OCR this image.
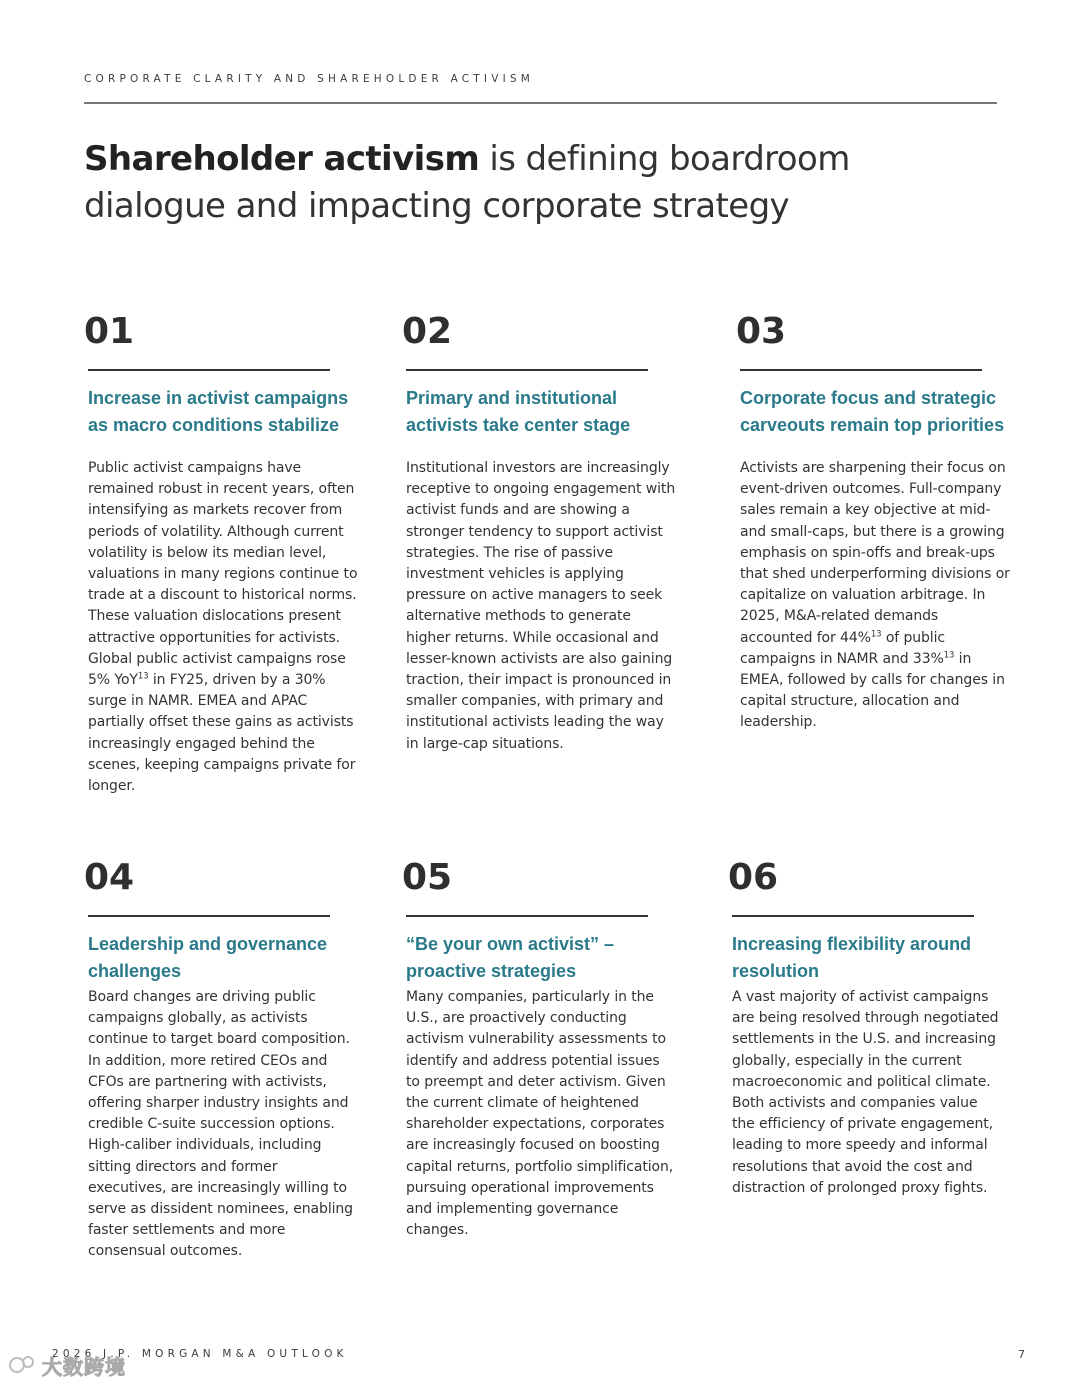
CORPORATE CLARITY AND SHAREHOLDER ACTIVISM
Shareholder activism is defining boardroom
dialogue and impacting corporate strategy
01
Increase in activist campaigns as macro conditions stabilize
Public activist campaigns have remained robust in recent years, often intensifying as markets recover from periods of volatility. Although current volatility is below its median level, valuations in many regions continue to trade at a discount to historical norms. These valuation dislocations present attractive opportunities for activists. Global public activist campaigns rose 5% YoY$^{13}$ in FY25, driven by a 30% surge in NAMR. EMEA and APAC partially offset these gains as activists increasingly engaged behind the scenes, keeping campaigns private for longer.
02
Primary and institutional activists take center stage
Institutional investors are increasingly receptive to ongoing engagement with activist funds and are showing a stronger tendency to support activist strategies. The rise of passive investment vehicles is applying pressure on active managers to seek alternative methods to generate higher returns. While occasional and lesser-known activists are also gaining traction, their impact is pronounced in smaller companies, with primary and institutional activists leading the way in large-cap situations.
03
Corporate focus and strategic carveouts remain top priorities
Activists are sharpening their focus on event-driven outcomes. Full-company sales remain a key objective at mid- and small-caps, but there is a growing emphasis on spin-offs and break-ups that shed underperforming divisions or capitalize on valuation arbitrage. In 2025, M&A-related demands accounted for 44%$^{13}$ of public campaigns in NAMR and 33%$^{13}$ in EMEA, followed by calls for changes in capital structure, allocation and leadership.
04
Leadership and governance challenges
Board changes are driving public campaigns globally, as activists continue to target board composition. In addition, more retired CEOs and CFOs are partnering with activists, offering sharper industry insights and credible C-suite succession options. High-caliber individuals, including sitting directors and former executives, are increasingly willing to serve as dissident nominees, enabling faster settlements and more consensual outcomes.
05
“Be your own activist” – proactive strategies
Many companies, particularly in the U.S., are proactively conducting activism vulnerability assessments to identify and address potential issues to preempt and deter activism. Given the current climate of heightened shareholder expectations, corporates are increasingly focused on boosting capital returns, portfolio simplification, pursuing operational improvements and implementing governance changes.
06
Increasing flexibility around resolution
A vast majority of activist campaigns are being resolved through negotiated settlements in the U.S. and increasing globally, especially in the current macroeconomic and political climate. Both activists and companies value the efficiency of private engagement, leading to more speedy and informal resolutions that avoid the cost and distraction of prolonged proxy fights.
2026 J.P. MORGAN M&A OUTLOOK	7
大数跨境
